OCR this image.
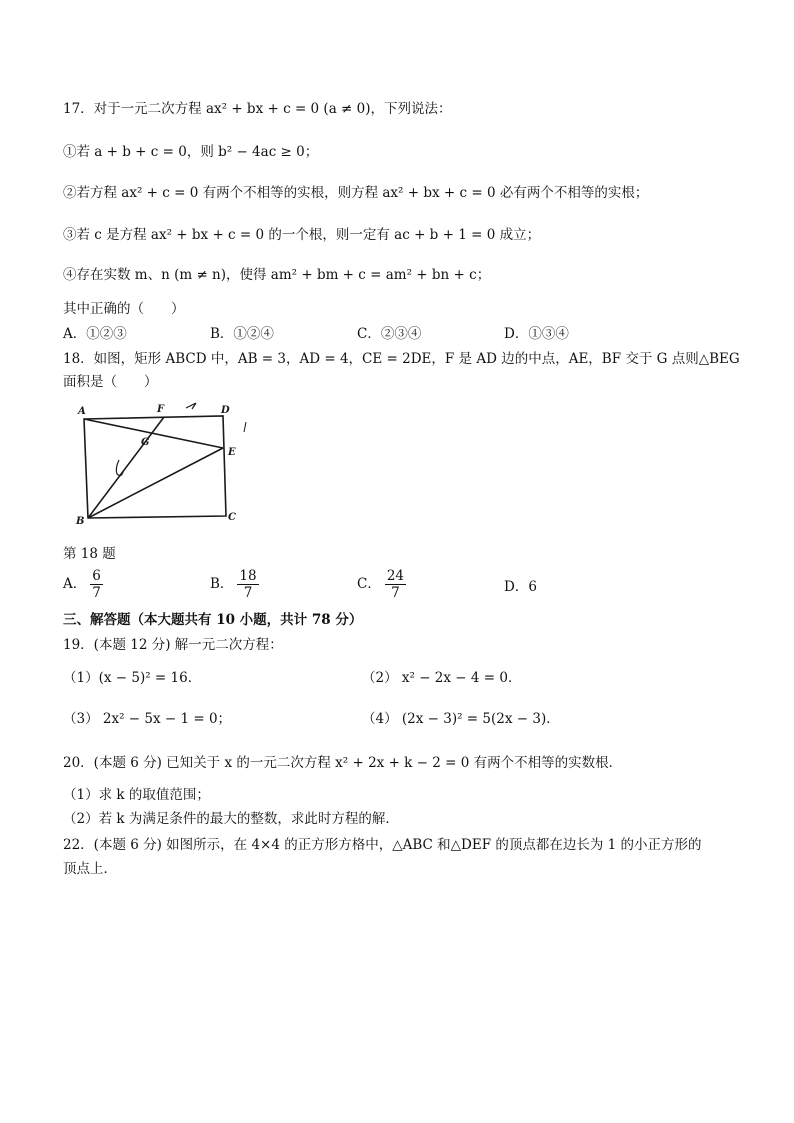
17．对于一元二次方程 ax² + bx + c = 0 (a ≠ 0)，下列说法：
①若 a + b + c = 0，则 b² − 4ac ≥ 0；
②若方程 ax² + c = 0 有两个不相等的实根，则方程 ax² + bx + c = 0 必有两个不相等的实根；
③若 c 是方程 ax² + bx + c = 0 的一个根，则一定有 ac + b + 1 = 0 成立；
④存在实数 m、n (m ≠ n)，使得 am² + bm + c = am² + bn + c；
其中正确的（　　）
A．①②③	B．①②④	C．②③④	D．①③④
18．如图，矩形 ABCD 中，AB = 3，AD = 4，CE = 2DE，F 是 AD 边的中点，AE，BF 交于 G 点则△BEG
面积是（　　）
A	F	D
G
E
B	C
第 18 题
A． $\frac{6}{7}$	B． $\frac{18}{7}$	C． $\frac{24}{7}$	D．6
三、解答题（本大题共有 10 小题，共计 78 分）
19．(本题 12 分) 解一元二次方程：
（1）(x − 5)² = 16．	（2） x² − 2x − 4 = 0．
（3） 2x² − 5x − 1 = 0；	（4） (2x − 3)² = 5(2x − 3)．
20．(本题 6 分) 已知关于 x 的一元二次方程 x² + 2x + k − 2 = 0 有两个不相等的实数根．
（1）求 k 的取值范围；
（2）若 k 为满足条件的最大的整数，求此时方程的解．
22．(本题 6 分) 如图所示，在 4×4 的正方形方格中，△ABC 和△DEF 的顶点都在边长为 1 的小正方形的
顶点上．
